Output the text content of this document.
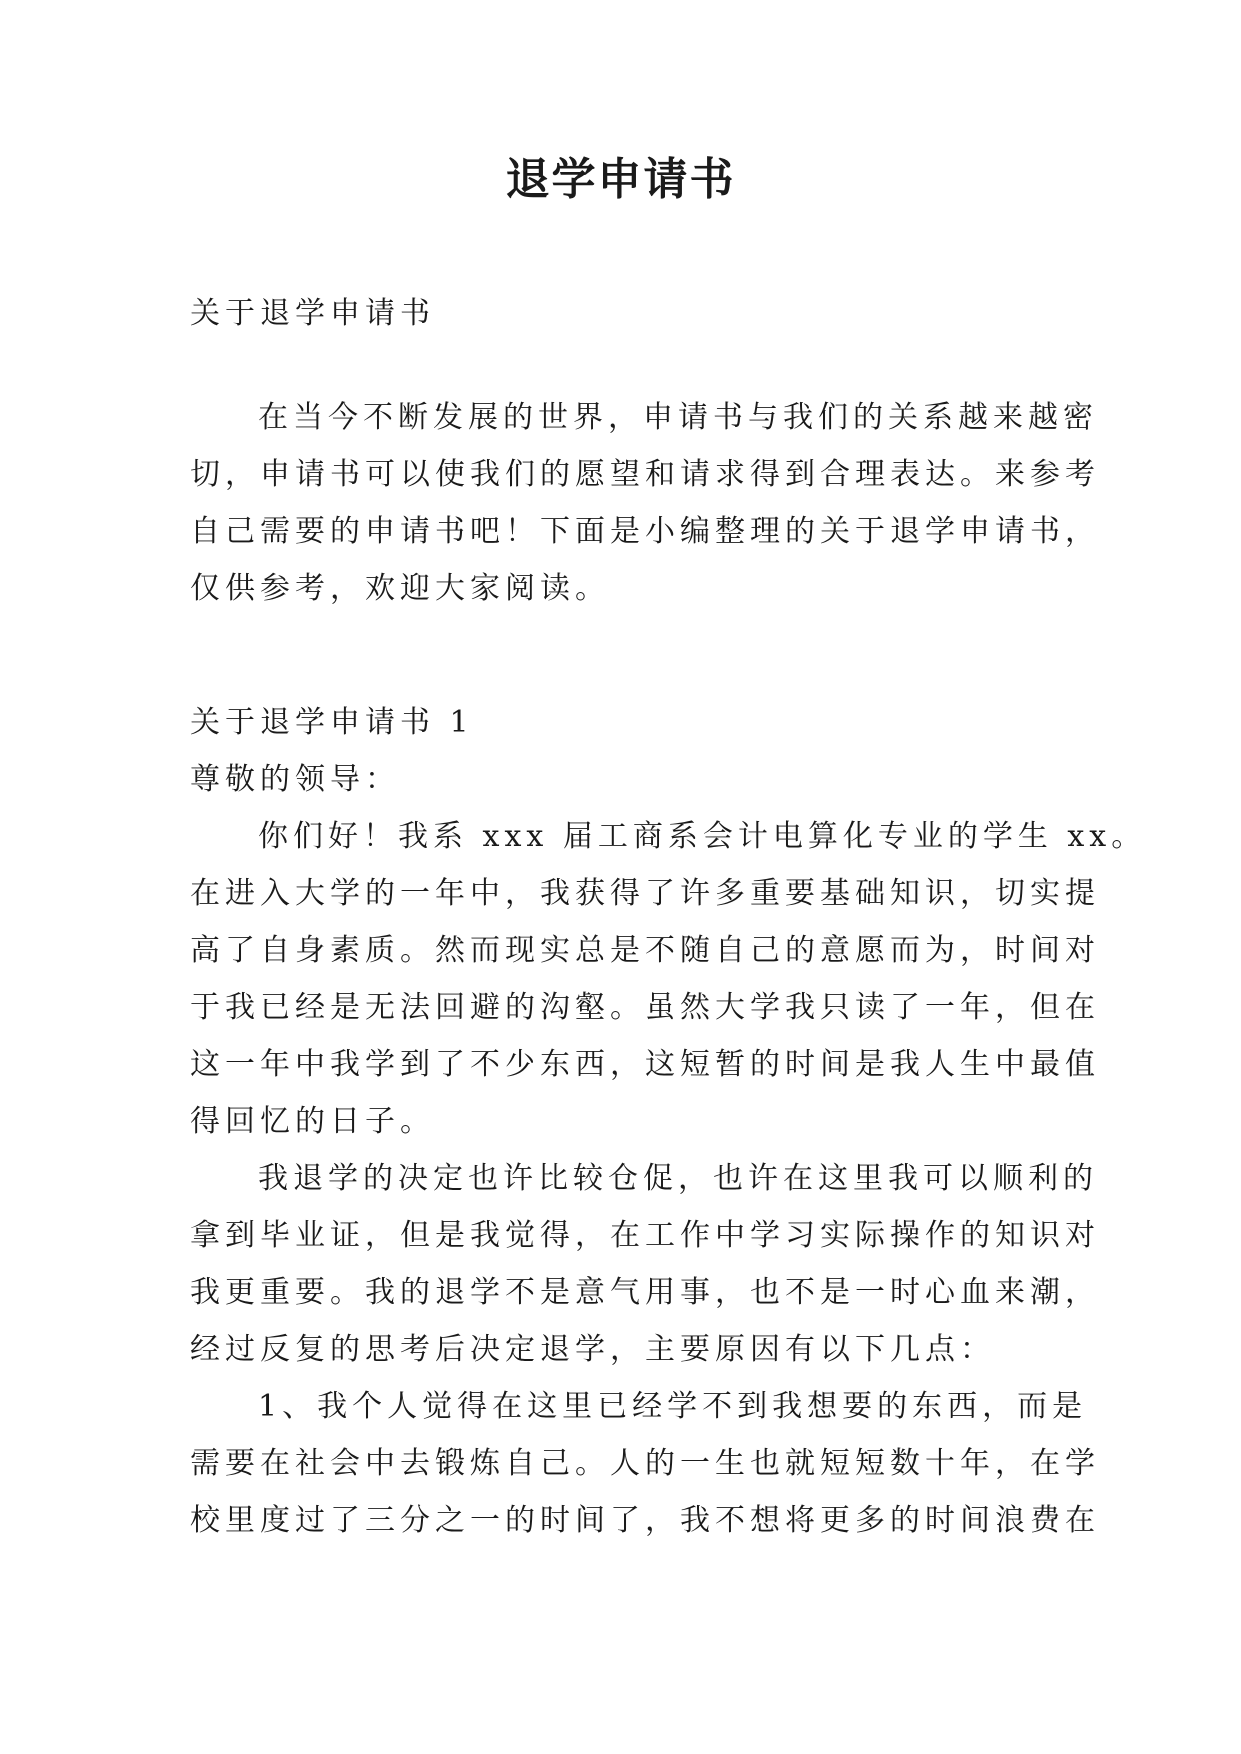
退学申请书
关于退学申请书
在当今不断发展的世界，申请书与我们的关系越来越密
切，申请书可以使我们的愿望和请求得到合理表达。来参考
自己需要的申请书吧！下面是小编整理的关于退学申请书，
仅供参考，欢迎大家阅读。
关于退学申请书 1
尊敬的领导：
你们好！我系 xxx 届工商系会计电算化专业的学生 xx。
在进入大学的一年中，我获得了许多重要基础知识，切实提
高了自身素质。然而现实总是不随自己的意愿而为，时间对
于我已经是无法回避的沟壑。虽然大学我只读了一年，但在
这一年中我学到了不少东西，这短暂的时间是我人生中最值
得回忆的日子。
我退学的决定也许比较仓促，也许在这里我可以顺利的
拿到毕业证，但是我觉得，在工作中学习实际操作的知识对
我更重要。我的退学不是意气用事，也不是一时心血来潮，
经过反复的思考后决定退学，主要原因有以下几点：
1、我个人觉得在这里已经学不到我想要的东西，而是
需要在社会中去锻炼自己。人的一生也就短短数十年，在学
校里度过了三分之一的时间了，我不想将更多的时间浪费在
